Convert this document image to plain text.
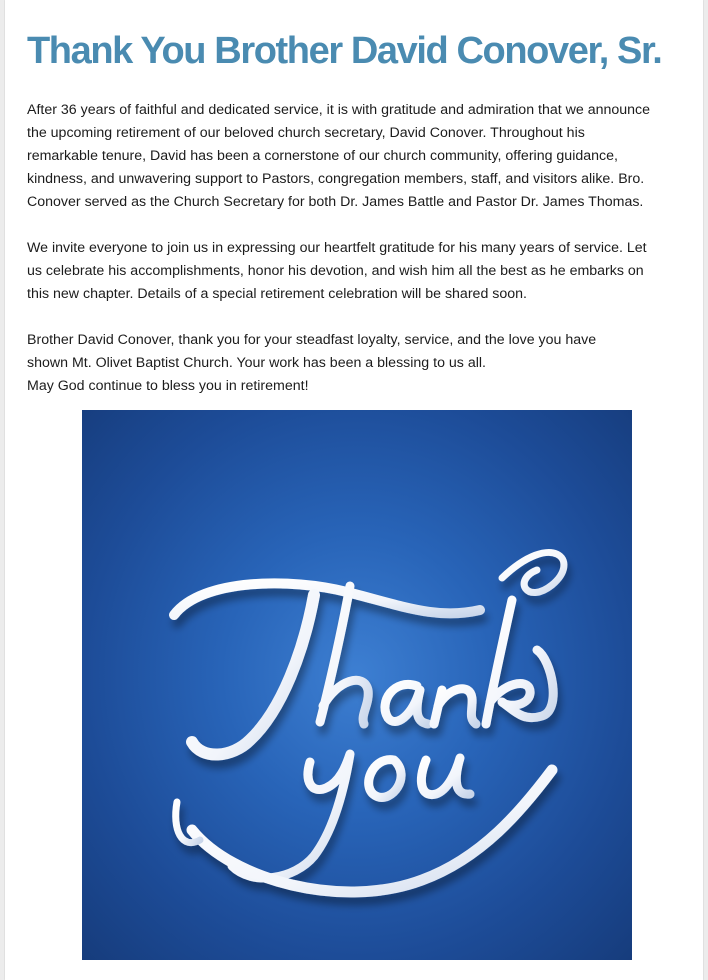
Thank You Brother David Conover, Sr.

After 36 years of faithful and dedicated service, it is with gratitude and admiration that we announce
the upcoming retirement of our beloved church secretary, David Conover. Throughout his
remarkable tenure, David has been a cornerstone of our church community, offering guidance,
kindness, and unwavering support to Pastors, congregation members, staff, and visitors alike. Bro.
Conover served as the Church Secretary for both Dr. James Battle and Pastor Dr. James Thomas.

We invite everyone to join us in expressing our heartfelt gratitude for his many years of service. Let
us celebrate his accomplishments, honor his devotion, and wish him all the best as he embarks on
this new chapter. Details of a special retirement celebration will be shared soon.

Brother David Conover, thank you for your steadfast loyalty, service, and the love you have
shown Mt. Olivet Baptist Church. Your work has been a blessing to us all.
May God continue to bless you in retirement!
